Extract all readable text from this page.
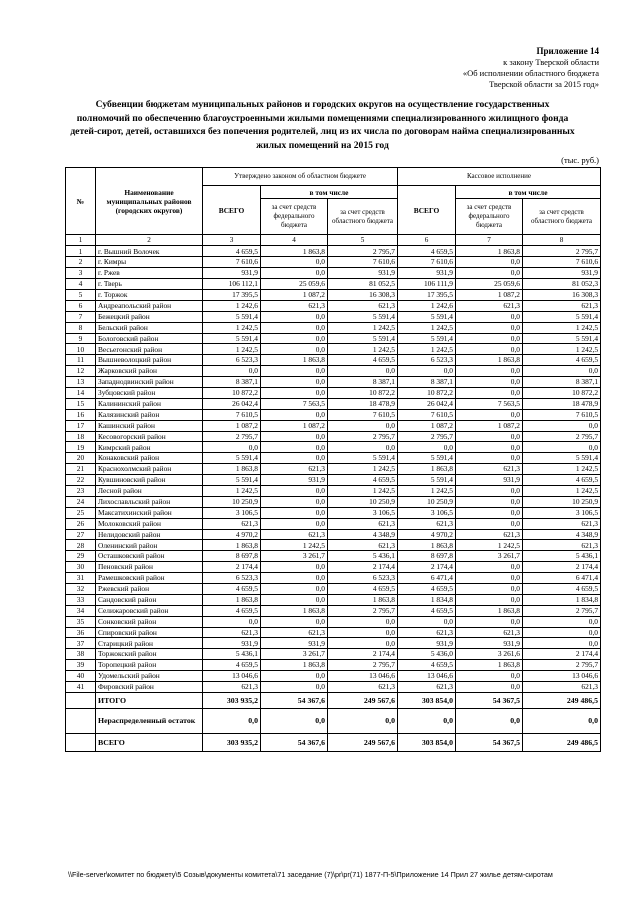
Приложение 14
к закону Тверской области
«Об исполнении областного бюджета
Тверской области за 2015 год»
Субвенции бюджетам муниципальных районов и городских округов на осуществление государственных полномочий по обеспечению благоустроенными жилыми помещениями специализированного жилищного фонда детей-сирот, детей, оставшихся без попечения родителей, лиц из их числа по договорам найма специализированных жилых помещений на 2015 год
(тыс. руб.)
№	Наименование муниципальных районов (городских округов)	Утверждено законом об областном бюджете			Кассовое исполнение		
		ВСЕГО	в том числе		ВСЕГО	в том числе	
			за счет средств федерального бюджета	за счет средств областного бюджета		за счет средств федерального бюджета	за счет средств областного бюджета
1	2	3	4	5	6	7	8
1	г. Вышний Волочек	4 659,5	1 863,8	2 795,7	4 659,5	1 863,8	2 795,7
2	г. Кимры	7 610,6	0,0	7 610,6	7 610,6	0,0	7 610,6
3	г. Ржев	931,9	0,0	931,9	931,9	0,0	931,9
4	г. Тверь	106 112,1	25 059,6	81 052,5	106 111,9	25 059,6	81 052,3
5	г. Торжок	17 395,5	1 087,2	16 308,3	17 395,5	1 087,2	16 308,3
6	Андреапольский район	1 242,6	621,3	621,3	1 242,6	621,3	621,3
7	Бежецкий район	5 591,4	0,0	5 591,4	5 591,4	0,0	5 591,4
8	Бельский район	1 242,5	0,0	1 242,5	1 242,5	0,0	1 242,5
9	Бологовский район	5 591,4	0,0	5 591,4	5 591,4	0,0	5 591,4
10	Весьегонский район	1 242,5	0,0	1 242,5	1 242,5	0,0	1 242,5
11	Вышневолоцкий район	6 523,3	1 863,8	4 659,5	6 523,3	1 863,8	4 659,5
12	Жарковский район	0,0	0,0	0,0	0,0	0,0	0,0
13	Западнодвинский район	8 387,1	0,0	8 387,1	8 387,1	0,0	8 387,1
14	Зубцовский район	10 872,2	0,0	10 872,2	10 872,2	0,0	10 872,2
15	Калининский район	26 042,4	7 563,5	18 478,9	26 042,4	7 563,5	18 478,9
16	Калязинский район	7 610,5	0,0	7 610,5	7 610,5	0,0	7 610,5
17	Кашинский район	1 087,2	1 087,2	0,0	1 087,2	1 087,2	0,0
18	Кесовогорский район	2 795,7	0,0	2 795,7	2 795,7	0,0	2 795,7
19	Кимрский район	0,0	0,0	0,0	0,0	0,0	0,0
20	Конаковский район	5 591,4	0,0	5 591,4	5 591,4	0,0	5 591,4
21	Краснохолмский район	1 863,8	621,3	1 242,5	1 863,8	621,3	1 242,5
22	Кувшиновский район	5 591,4	931,9	4 659,5	5 591,4	931,9	4 659,5
23	Лесной район	1 242,5	0,0	1 242,5	1 242,5	0,0	1 242,5
24	Лихославльский район	10 250,9	0,0	10 250,9	10 250,9	0,0	10 250,9
25	Максатихинский район	3 106,5	0,0	3 106,5	3 106,5	0,0	3 106,5
26	Молоковский район	621,3	0,0	621,3	621,3	0,0	621,3
27	Нелидовский район	4 970,2	621,3	4 348,9	4 970,2	621,3	4 348,9
28	Оленинский район	1 863,8	1 242,5	621,3	1 863,8	1 242,5	621,3
29	Осташковский район	8 697,8	3 261,7	5 436,1	8 697,8	3 261,7	5 436,1
30	Пеновский район	2 174,4	0,0	2 174,4	2 174,4	0,0	2 174,4
31	Рамешковский район	6 523,3	0,0	6 523,3	6 471,4	0,0	6 471,4
32	Ржевский район	4 659,5	0,0	4 659,5	4 659,5	0,0	4 659,5
33	Сандовский район	1 863,8	0,0	1 863,8	1 834,8	0,0	1 834,8
34	Селижаровский район	4 659,5	1 863,8	2 795,7	4 659,5	1 863,8	2 795,7
35	Сонковский район	0,0	0,0	0,0	0,0	0,0	0,0
36	Спировский район	621,3	621,3	0,0	621,3	621,3	0,0
37	Старицкий район	931,9	931,9	0,0	931,9	931,9	0,0
38	Торжокский район	5 436,1	3 261,7	2 174,4	5 436,0	3 261,6	2 174,4
39	Торопецкий район	4 659,5	1 863,8	2 795,7	4 659,5	1 863,8	2 795,7
40	Удомельский район	13 046,6	0,0	13 046,6	13 046,6	0,0	13 046,6
41	Фировский район	621,3	0,0	621,3	621,3	0,0	621,3
	ИТОГО	303 935,2	54 367,6	249 567,6	303 854,0	54 367,5	249 486,5
	Нераспределенный остаток	0,0	0,0	0,0	0,0	0,0	0,0
	ВСЕГО	303 935,2	54 367,6	249 567,6	303 854,0	54 367,5	249 486,5
\\File-server\комитет по бюджету\5 Созыв\документы комитета\71 заседание (7)\pr\pr(71) 1877-П-5\Приложение 14 Прил 27 жилье детям-сиротам
